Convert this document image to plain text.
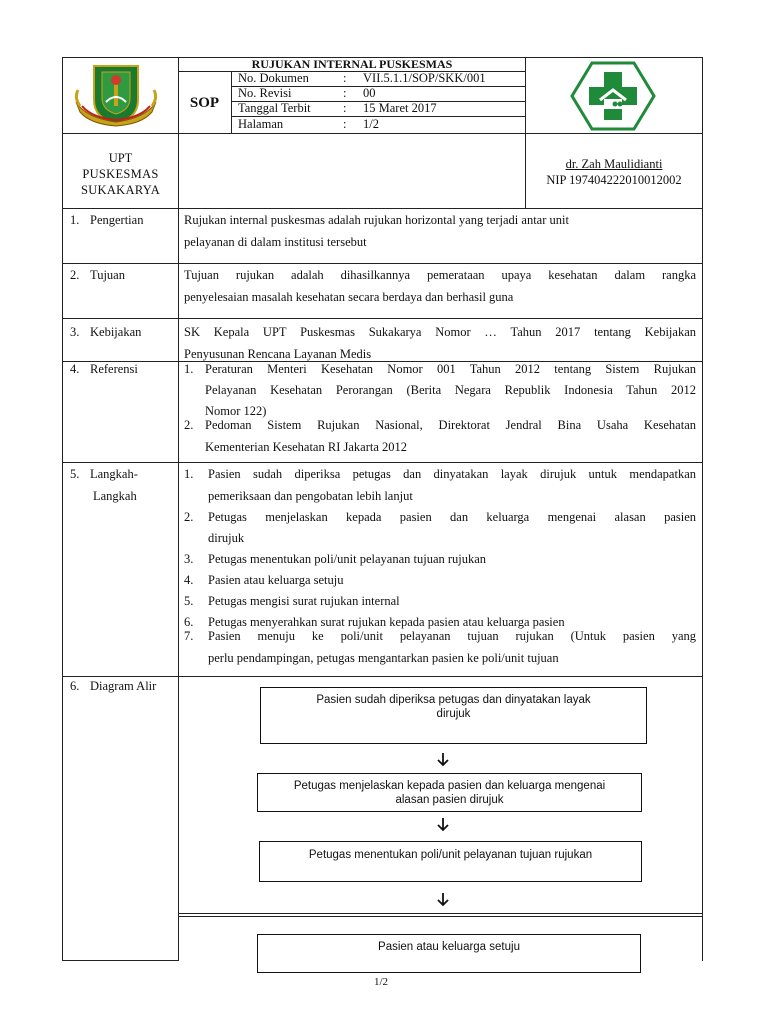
RUJUKAN INTERNAL PUSKESMAS
SOP
No. Dokumen	: VII.5.1.1/SOP/SKK/001
No. Revisi	: 00
Tanggal Terbit	: 15 Maret 2017
Halaman	: 1/2
UPT
PUSKESMAS
SUKAKARYA
dr. Zah Maulidianti
NIP 197404222010012002
1. Pengertian	Rujukan internal puskesmas adalah rujukan horizontal yang terjadi antar unit
pelayanan di dalam institusi tersebut
2. Tujuan	Tujuan rujukan adalah dihasilkannya pemerataan upaya kesehatan dalam rangka
penyelesaian masalah kesehatan secara berdaya dan berhasil guna
3. Kebijakan	SK Kepala UPT Puskesmas Sukakarya Nomor … Tahun 2017 tentang Kebijakan
Penyusunan Rencana Layanan Medis
4. Referensi	1. Peraturan Menteri Kesehatan Nomor 001 Tahun 2012 tentang Sistem Rujukan
Pelayanan Kesehatan Perorangan (Berita Negara Republik Indonesia Tahun 2012
Nomor 122)
2. Pedoman Sistem Rujukan Nasional, Direktorat Jendral Bina Usaha Kesehatan
Kementerian Kesehatan RI Jakarta 2012
5. Langkah-
Langkah
1. Pasien sudah diperiksa petugas dan dinyatakan layak dirujuk untuk mendapatkan
pemeriksaan dan pengobatan lebih lanjut
2. Petugas menjelaskan kepada pasien dan keluarga mengenai alasan pasien
dirujuk
3. Petugas menentukan poli/unit pelayanan tujuan rujukan
4. Pasien atau keluarga setuju
5. Petugas mengisi surat rujukan internal
6. Petugas menyerahkan surat rujukan kepada pasien atau keluarga pasien
7. Pasien menuju ke poli/unit pelayanan tujuan rujukan (Untuk pasien yang
perlu pendampingan, petugas mengantarkan pasien ke poli/unit tujuan
6. Diagram Alir
Pasien sudah diperiksa petugas dan dinyatakan layak
dirujuk
Petugas menjelaskan kepada pasien dan keluarga mengenai
alasan pasien dirujuk
Petugas menentukan poli/unit pelayanan tujuan rujukan
Pasien atau keluarga setuju
1/2
